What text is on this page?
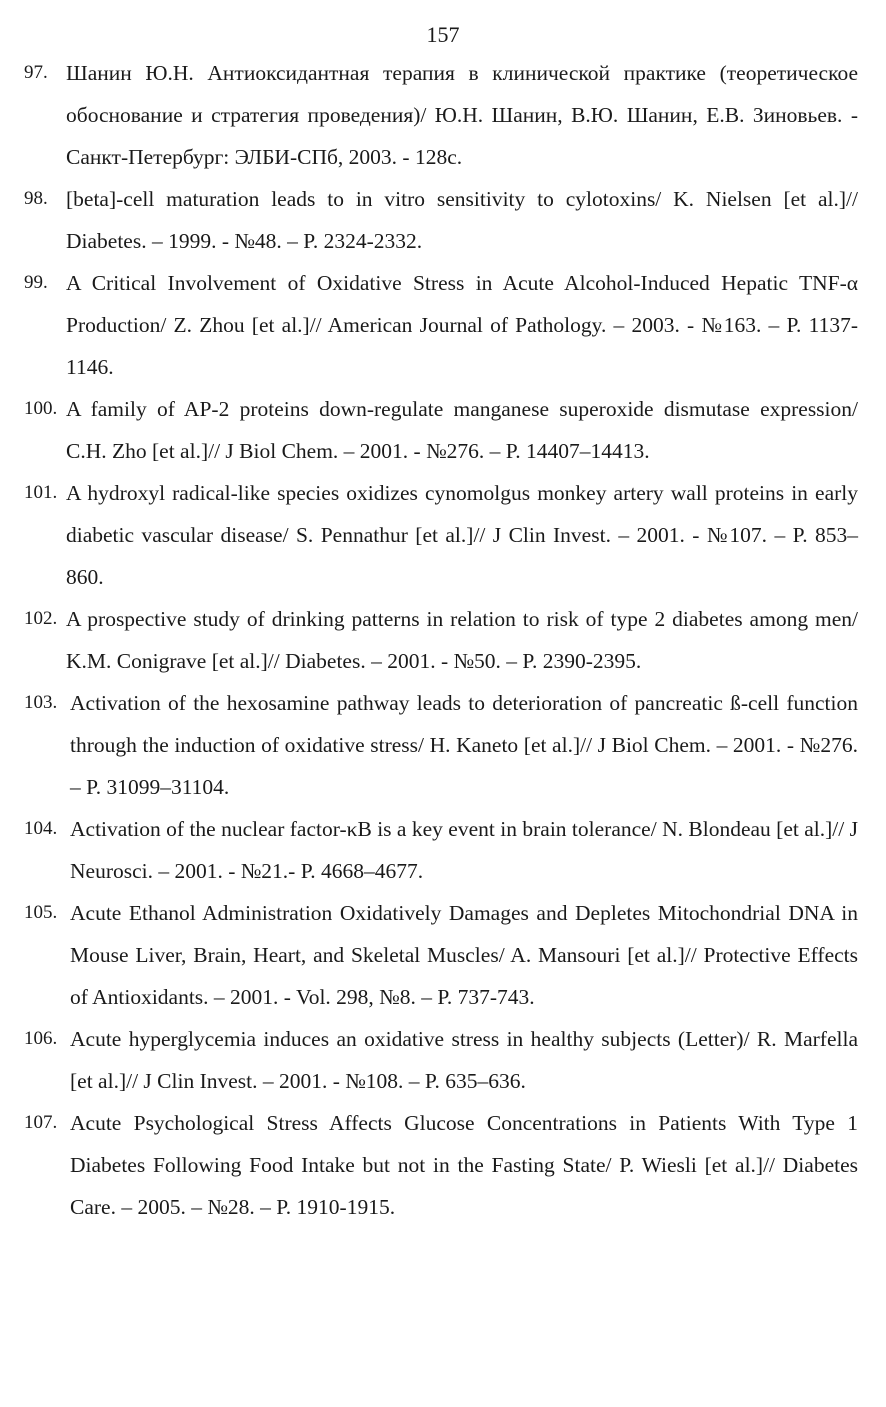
157
97. Шанин Ю.Н. Антиоксидантная терапия в клинической практике (теоретическое обоснование и стратегия проведения)/ Ю.Н. Шанин, В.Ю. Шанин, Е.В. Зиновьев. - Санкт-Петербург: ЭЛБИ-СПб, 2003. - 128с.
98. [beta]-cell maturation leads to in vitro sensitivity to cylotoxins/ K. Nielsen [et al.]// Diabetes. – 1999. - №48. – P. 2324-2332.
99. A Critical Involvement of Oxidative Stress in Acute Alcohol-Induced Hepatic TNF-α Production/ Z. Zhou [et al.]// American Journal of Pathology. – 2003. - №163. – P. 1137-1146.
100. A family of AP-2 proteins down-regulate manganese superoxide dismutase expression/ C.H. Zho [et al.]// J Biol Chem. – 2001. - №276. – P. 14407–14413.
101. A hydroxyl radical-like species oxidizes cynomolgus monkey artery wall proteins in early diabetic vascular disease/ S. Pennathur [et al.]// J Clin Invest. – 2001. - №107. – P. 853–860.
102. A prospective study of drinking patterns in relation to risk of type 2 diabetes among men/ K.M. Conigrave [et al.]// Diabetes. – 2001. - №50. – P. 2390-2395.
103. Activation of the hexosamine pathway leads to deterioration of pancreatic ß-cell function through the induction of oxidative stress/ H. Kaneto [et al.]// J Biol Chem. – 2001. - №276. – P. 31099–31104.
104. Activation of the nuclear factor-κB is a key event in brain tolerance/ N. Blondeau [et al.]// J Neurosci. – 2001. - №21.- P. 4668–4677.
105. Acute Ethanol Administration Oxidatively Damages and Depletes Mitochondrial DNA in Mouse Liver, Brain, Heart, and Skeletal Muscles/ A. Mansouri [et al.]// Protective Effects of Antioxidants. – 2001. - Vol. 298, №8. – P. 737-743.
106. Acute hyperglycemia induces an oxidative stress in healthy subjects (Letter)/ R. Marfella [et al.]// J Clin Invest. – 2001. - №108. – P. 635–636.
107. Acute Psychological Stress Affects Glucose Concentrations in Patients With Type 1 Diabetes Following Food Intake but not in the Fasting State/ P. Wiesli [et al.]// Diabetes Care. – 2005. – №28. – P. 1910-1915.
